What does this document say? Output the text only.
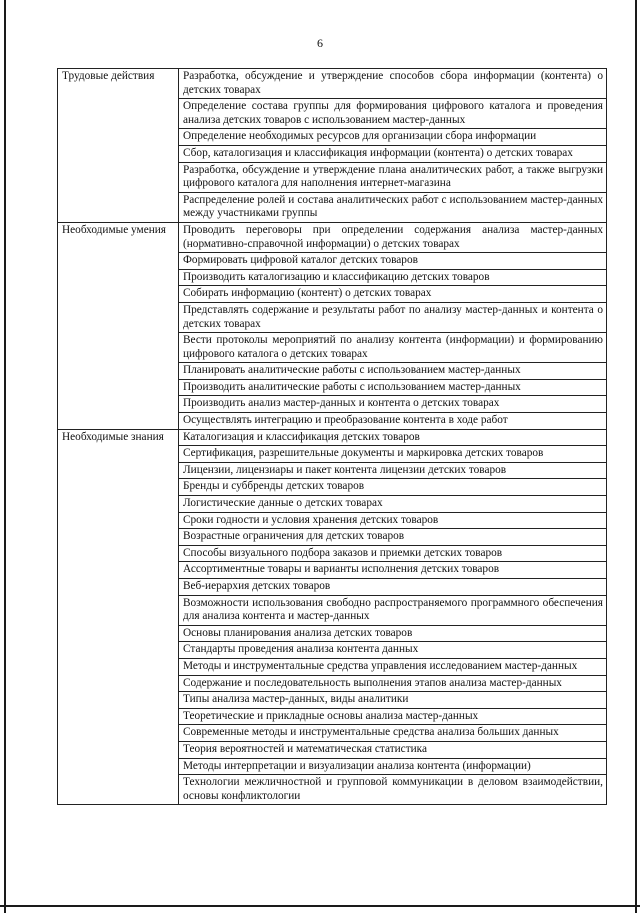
6
Трудовые действия	Разработка, обсуждение и утверждение способов сбора информации (контента) о детских товарах
	Определение состава группы для формирования цифрового каталога и проведения анализа детских товаров с использованием мастер-данных
	Определение необходимых ресурсов для организации сбора информации
	Сбор, каталогизация и классификация информации (контента) о детских товарах
	Разработка, обсуждение и утверждение плана аналитических работ, а также выгрузки цифрового каталога для наполнения интернет-магазина
	Распределение ролей и состава аналитических работ с использованием мастер-данных между участниками группы
Необходимые умения	Проводить переговоры при определении содержания анализа мастер-данных (нормативно-справочной информации) о детских товарах
	Формировать цифровой каталог детских товаров
	Производить каталогизацию и классификацию детских товаров
	Собирать информацию (контент) о детских товарах
	Представлять содержание и результаты работ по анализу мастер-данных и контента о детских товарах
	Вести протоколы мероприятий по анализу контента (информации) и формированию цифрового каталога о детских товарах
	Планировать аналитические работы с использованием мастер-данных
	Производить аналитические работы с использованием мастер-данных
	Производить анализ мастер-данных и контента о детских товарах
	Осуществлять интеграцию и преобразование контента в ходе работ
Необходимые знания	Каталогизация и классификация детских товаров
	Сертификация, разрешительные документы и маркировка детских товаров
	Лицензии, лицензиары и пакет контента лицензии детских товаров
	Бренды и суббренды детских товаров
	Логистические данные о детских товарах
	Сроки годности и условия хранения детских товаров
	Возрастные ограничения для детских товаров
	Способы визуального подбора заказов и приемки детских товаров
	Ассортиментные товары и варианты исполнения детских товаров
	Веб-иерархия детских товаров
	Возможности использования свободно распространяемого программного обеспечения для анализа контента и мастер-данных
	Основы планирования анализа детских товаров
	Стандарты проведения анализа контента данных
	Методы и инструментальные средства управления исследованием мастер-данных
	Содержание и последовательность выполнения этапов анализа мастер-данных
	Типы анализа мастер-данных, виды аналитики
	Теоретические и прикладные основы анализа мастер-данных
	Современные методы и инструментальные средства анализа больших данных
	Теория вероятностей и математическая статистика
	Методы интерпретации и визуализации анализа контента (информации)
	Технологии межличностной и групповой коммуникации в деловом взаимодействии, основы конфликтологии
